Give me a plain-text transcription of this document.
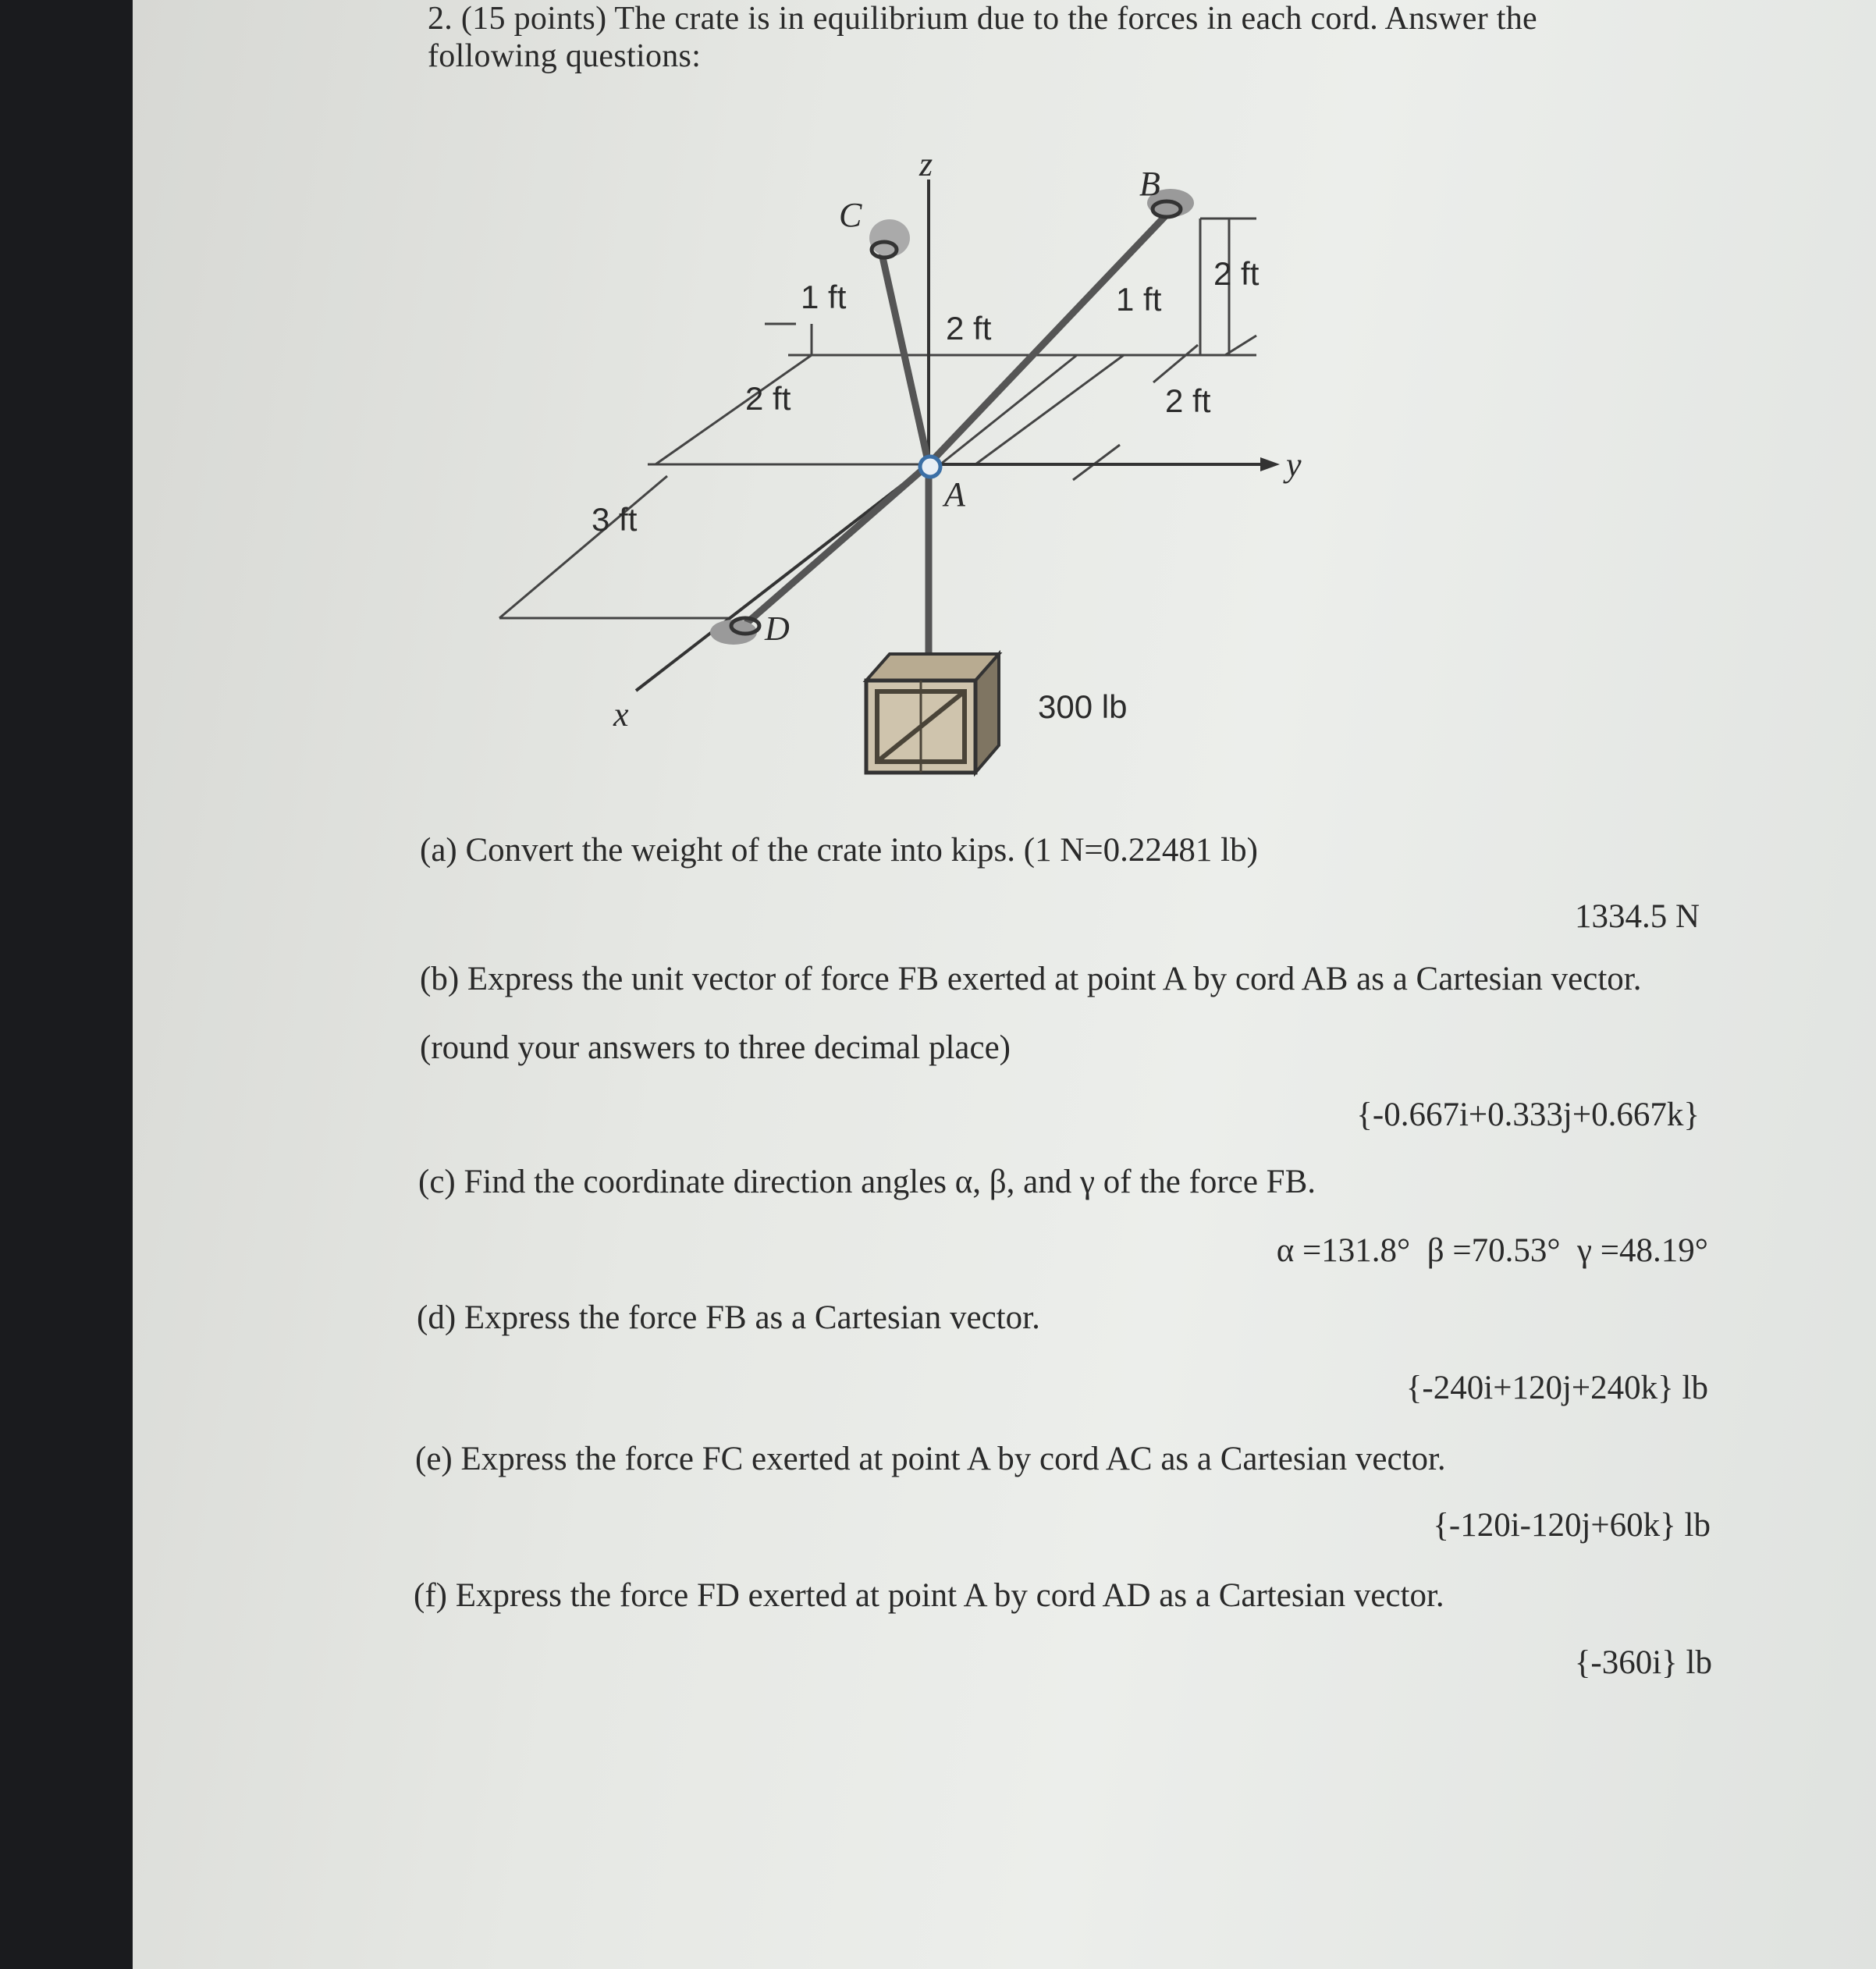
2. (15 points) The crate is in equilibrium due to the forces in each cord. Answer the
following questions:
z
y
x
A
B
C
D
1 ft
2 ft
1 ft
2 ft
2 ft	2 ft
3 ft
300 lb
(a) Convert the weight of the crate into kips. (1 N=0.22481 lb)
1334.5 N
(b) Express the unit vector of force FB exerted at point A by cord AB as a Cartesian vector.
(round your answers to three decimal place)
{-0.667i+0.333j+0.667k}
(c) Find the coordinate direction angles α, β, and γ of the force FB.
α =131.8°  β =70.53°  γ =48.19°
(d) Express the force FB as a Cartesian vector.
{-240i+120j+240k} lb
(e) Express the force FC exerted at point A by cord AC as a Cartesian vector.
{-120i-120j+60k} lb
(f) Express the force FD exerted at point A by cord AD as a Cartesian vector.
{-360i} lb
